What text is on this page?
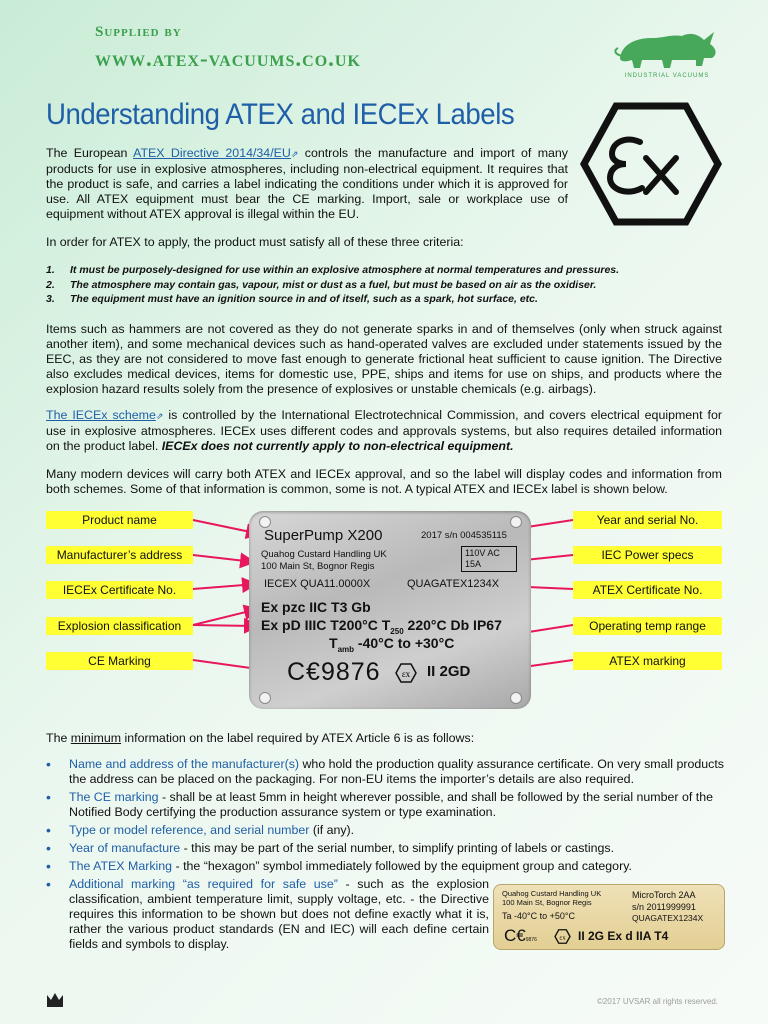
Supplied by
www.atex-vacuums.co.uk
INDUSTRIAL VACUUMS
Understanding ATEX and IECEx Labels
The European ATEX Directive 2014/34/EU⇗ controls the manufacture and import of many products for use in explosive atmospheres, including non-electrical equipment. It requires that the product is safe, and carries a label indicating the conditions under which it is approved for use. All ATEX equipment must bear the CE marking. Import, sale or workplace use of equipment without ATEX approval is illegal within the EU.
In order for ATEX to apply, the product must satisfy all of these three criteria:
1. It must be purposely-designed for use within an explosive atmosphere at normal temperatures and pressures.
2. The atmosphere may contain gas, vapour, mist or dust as a fuel, but must be based on air as the oxidiser.
3. The equipment must have an ignition source in and of itself, such as a spark, hot surface, etc.
Items such as hammers are not covered as they do not generate sparks in and of themselves (only when struck against another item), and some mechanical devices such as hand-operated valves are excluded under statements issued by the EEC, as they are not considered to move fast enough to generate frictional heat sufficient to cause ignition. The Directive also excludes medical devices, items for domestic use, PPE, ships and items for use on ships, and products where the explosion hazard results solely from the presence of explosives or unstable chemicals (e.g. airbags).
The IECEx scheme⇗ is controlled by the International Electrotechnical Commission, and covers electrical equipment for use in explosive atmospheres. IECEx uses different codes and approvals systems, but also requires detailed information on the product label. IECEx does not currently apply to non-electrical equipment.
Many modern devices will carry both ATEX and IECEx approval, and so the label will display codes and information from both schemes. Some of that information is common, some is not. A typical ATEX and IECEx label is shown below.
Product name
Manufacturer’s address
IECEx Certificate No.
Explosion classification
CE Marking
Year and serial No.
IEC Power specs
ATEX Certificate No.
Operating temp range
ATEX marking
SuperPump X200	2017 s/n 004535115
Quahog Custard Handling UK
100 Main St, Bognor Regis
110V AC
15A
IECEX QUA11.0000X	QUAGATEX1234X
Ex pzc IIC T3 Gb
Ex pD IIIC T200°C $T_{250}$ 220°C Db IP67
$T_{amb}$ -40°C to +30°C
C€9876 εx II 2GD
The minimum information on the label required by ATEX Article 6 is as follows:
• Name and address of the manufacturer(s) who hold the production quality assurance certificate. On very small products the address can be placed on the packaging. For non-EU items the importer’s details are also required.
• The CE marking - shall be at least 5mm in height wherever possible, and shall be followed by the serial number of the Notified Body certifying the production assurance system or type examination.
• Type or model reference, and serial number (if any).
• Year of manufacture - this may be part of the serial number, to simplify printing of labels or castings.
• The ATEX Marking - the “hexagon” symbol immediately followed by the equipment group and category.
• Additional marking “as required for safe use” - such as the explosion classification, ambient temperature limit, supply voltage, etc. - the Directive requires this information to be shown but does not define exactly what it is, rather the various product standards (EN and IEC) will each define certain fields and symbols to display.
Quahog Custard Handling UK
100 Main St, Bognor Regis
MicroTorch 2AA
s/n 2011999991
Ta -40°C to +50°C	QUAGATEX1234X
C€9876	εx II 2G Ex d IIA T4
©2017 UVSAR all rights reserved.
